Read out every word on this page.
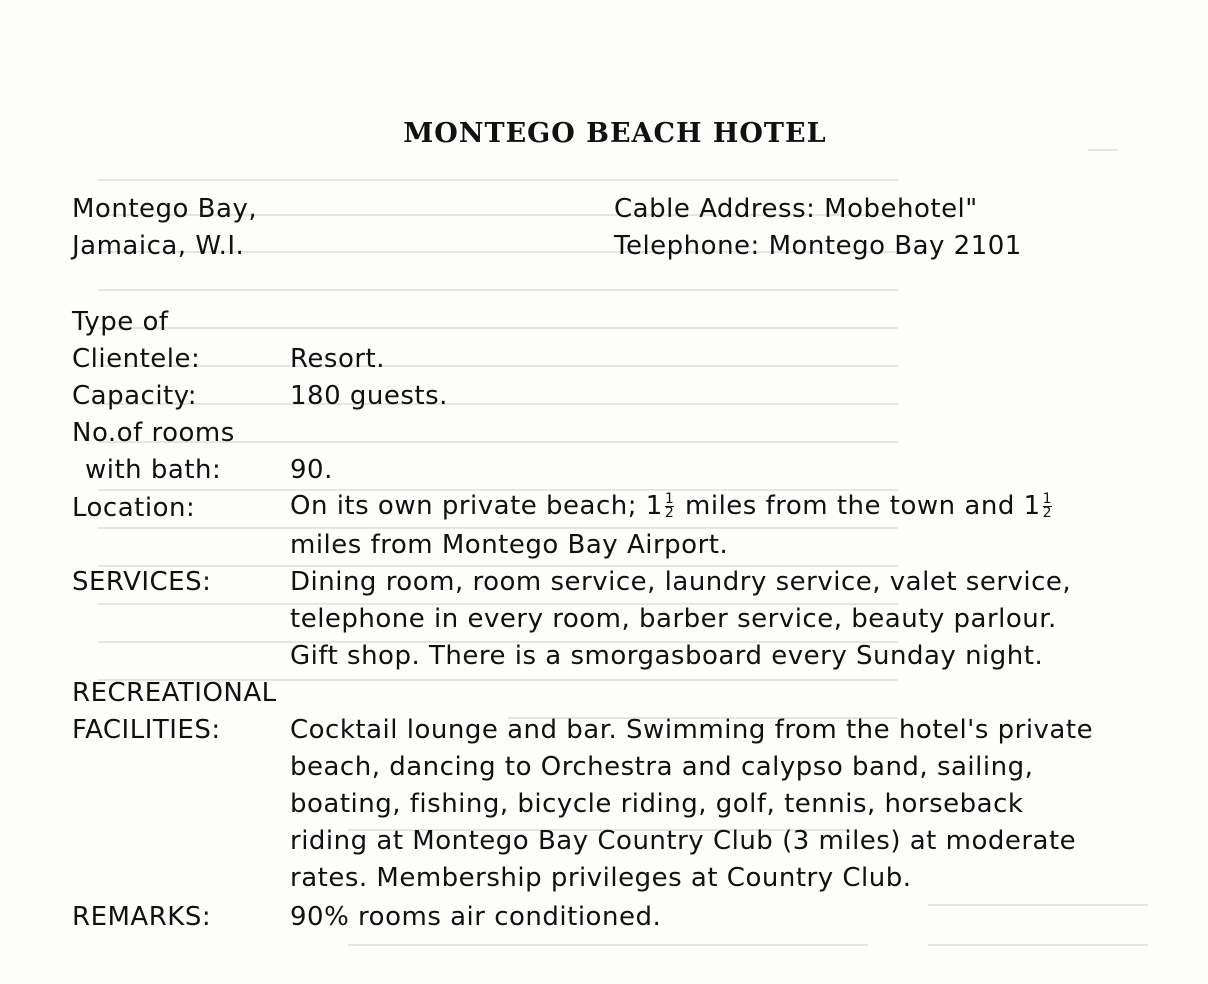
MONTEGO BEACH HOTEL
Montego Bay,
Jamaica, W.I.
Cable Address: Mobehotel"
Telephone: Montego Bay 2101
Type of
Clientele:	Resort.
Capacity:	180 guests.
No.of rooms
with bath:	90.
Location:	On its own private beach; $1 \frac{1}{2}$ miles from the town and $1 \frac{1}{2}$
miles from Montego Bay Airport.
SERVICES:	Dining room, room service, laundry service, valet service,
telephone in every room, barber service, beauty parlour.
Gift shop. There is a smorgasboard every Sunday night.
RECREATIONAL
FACILITIES:	Cocktail lounge and bar. Swimming from the hotel's private
beach, dancing to Orchestra and calypso band, sailing,
boating, fishing, bicycle riding, golf, tennis, horseback
riding at Montego Bay Country Club (3 miles) at moderate
rates. Membership privileges at Country Club.
REMARKS:	90% rooms air conditioned.
